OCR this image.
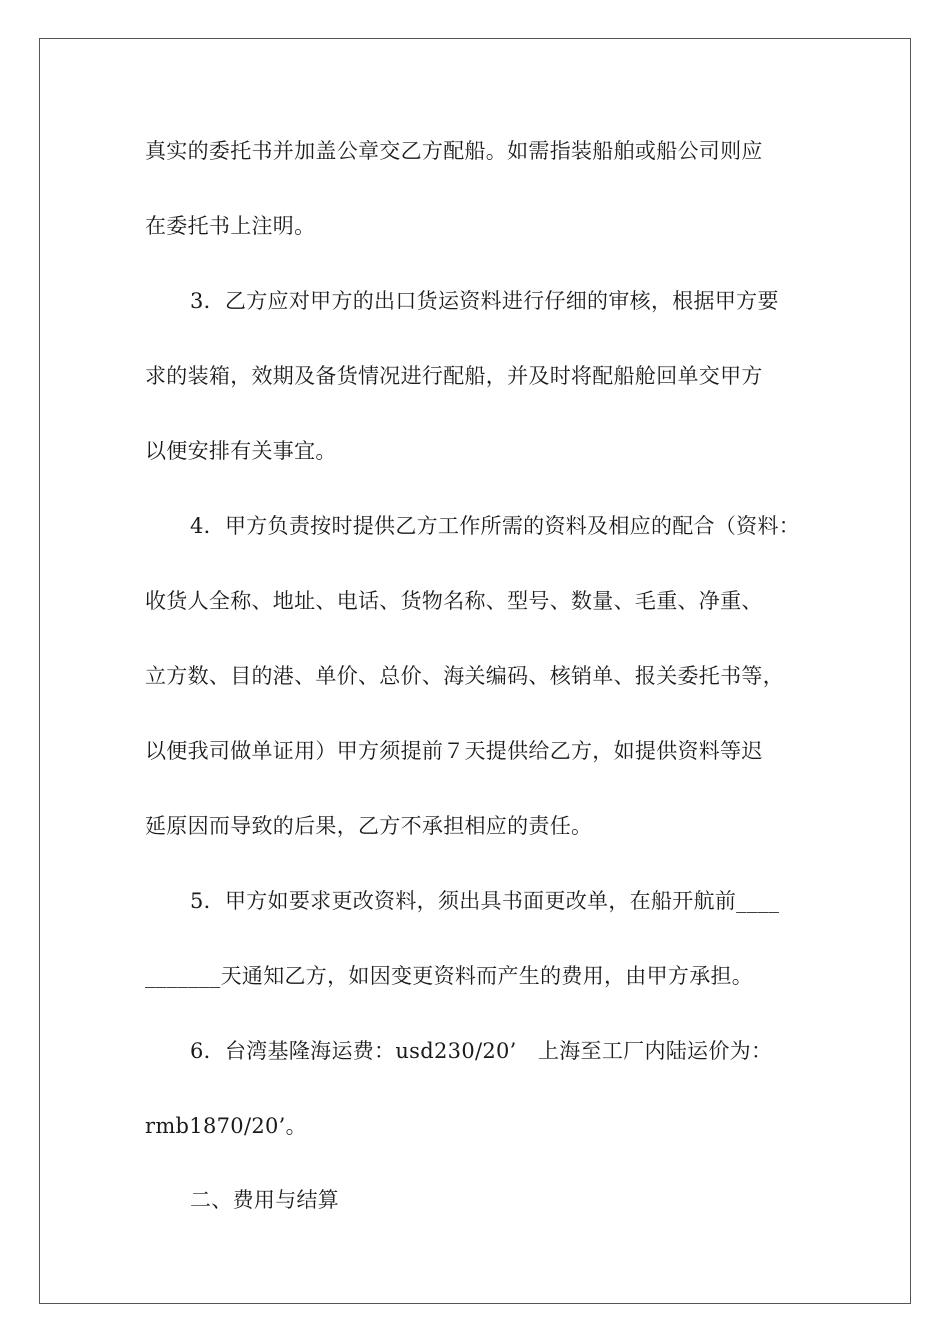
真实的委托书并加盖公章交乙方配船。如需指装船舶或船公司则应
在委托书上注明。
3．乙方应对甲方的出口货运资料进行仔细的审核，根据甲方要
求的装箱，效期及备货情况进行配船，并及时将配船舱回单交甲方
以便安排有关事宜。
4．甲方负责按时提供乙方工作所需的资料及相应的配合（资料：
收货人全称、地址、电话、货物名称、型号、数量、毛重、净重、
立方数、目的港、单价、总价、海关编码、核销单、报关委托书等，
以便我司做单证用）甲方须提前７天提供给乙方，如提供资料等迟
延原因而导致的后果，乙方不承担相应的责任。
5．甲方如要求更改资料，须出具书面更改单，在船开航前____
_______天通知乙方，如因变更资料而产生的费用，由甲方承担。
6．台湾基隆海运费：usd230/20’　上海至工厂内陆运价为：
rmb1870/20’。
二、费用与结算
